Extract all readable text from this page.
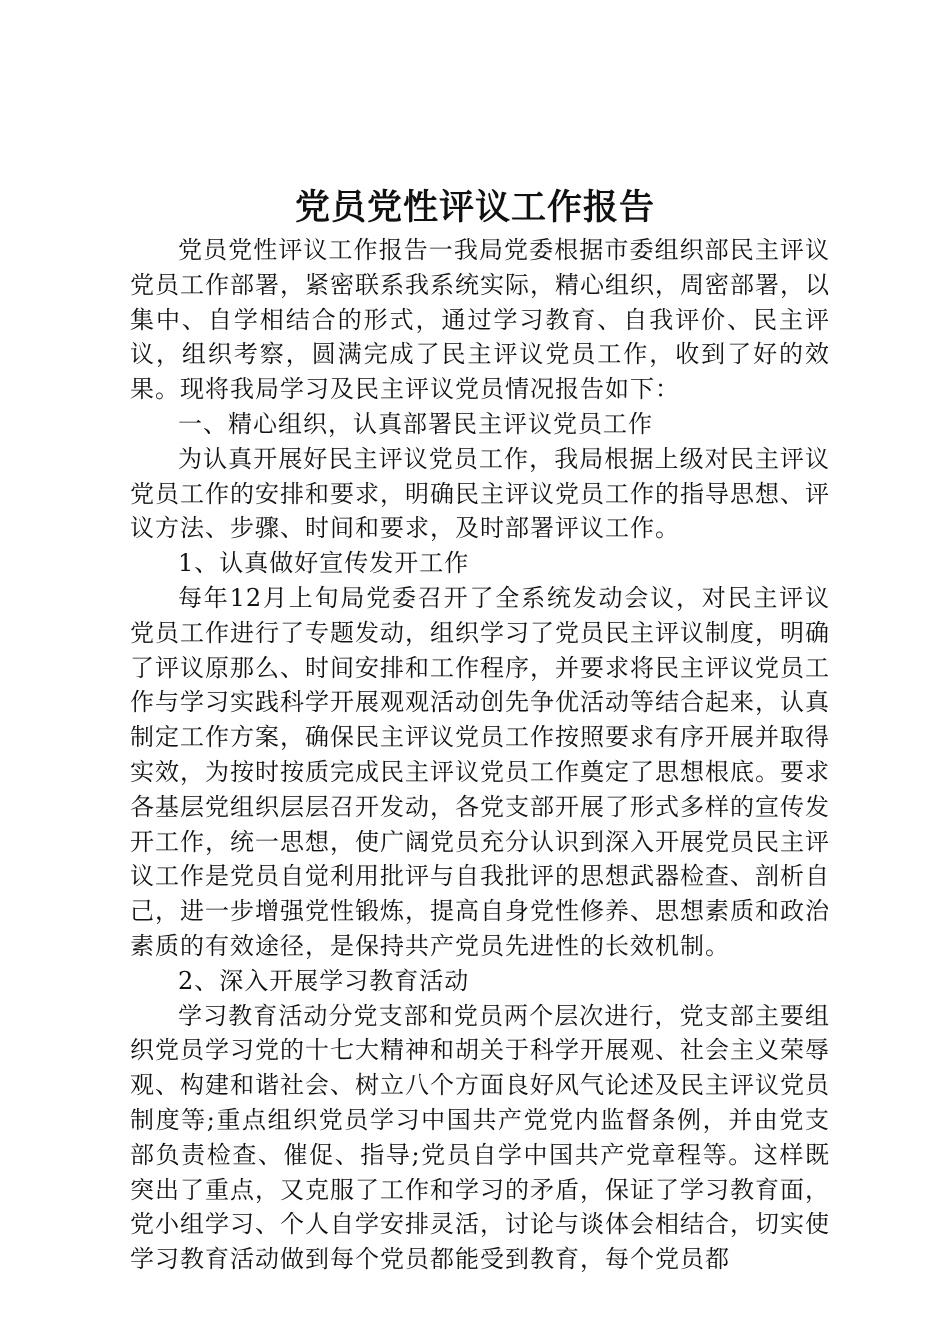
党员党性评议工作报告

党员党性评议工作报告一我局党委根据市委组织部民主评议党员工作部署，紧密联系我系统实际，精心组织，周密部署，以集中、自学相结合的形式，通过学习教育、自我评价、民主评议，组织考察，圆满完成了民主评议党员工作，收到了好的效果。现将我局学习及民主评议党员情况报告如下：

一、精心组织，认真部署民主评议党员工作

为认真开展好民主评议党员工作，我局根据上级对民主评议党员工作的安排和要求，明确民主评议党员工作的指导思想、评议方法、步骤、时间和要求，及时部署评议工作。

1、认真做好宣传发开工作

每年12月上旬局党委召开了全系统发动会议，对民主评议党员工作进行了专题发动，组织学习了党员民主评议制度，明确了评议原那么、时间安排和工作程序，并要求将民主评议党员工作与学习实践科学开展观观活动创先争优活动等结合起来，认真制定工作方案，确保民主评议党员工作按照要求有序开展并取得实效，为按时按质完成民主评议党员工作奠定了思想根底。要求各基层党组织层层召开发动，各党支部开展了形式多样的宣传发开工作，统一思想，使广阔党员充分认识到深入开展党员民主评议工作是党员自觉利用批评与自我批评的思想武器检查、剖析自己，进一步增强党性锻炼，提高自身党性修养、思想素质和政治素质的有效途径，是保持共产党员先进性的长效机制。

2、深入开展学习教育活动

学习教育活动分党支部和党员两个层次进行，党支部主要组织党员学习党的十七大精神和胡关于科学开展观、社会主义荣辱观、构建和谐社会、树立八个方面良好风气论述及民主评议党员制度等;重点组织党员学习中国共产党党内监督条例，并由党支部负责检查、催促、指导;党员自学中国共产党章程等。这样既突出了重点，又克服了工作和学习的矛盾，保证了学习教育面，党小组学习、个人自学安排灵活，讨论与谈体会相结合，切实使学习教育活动做到每个党员都能受到教育，每个党员都
